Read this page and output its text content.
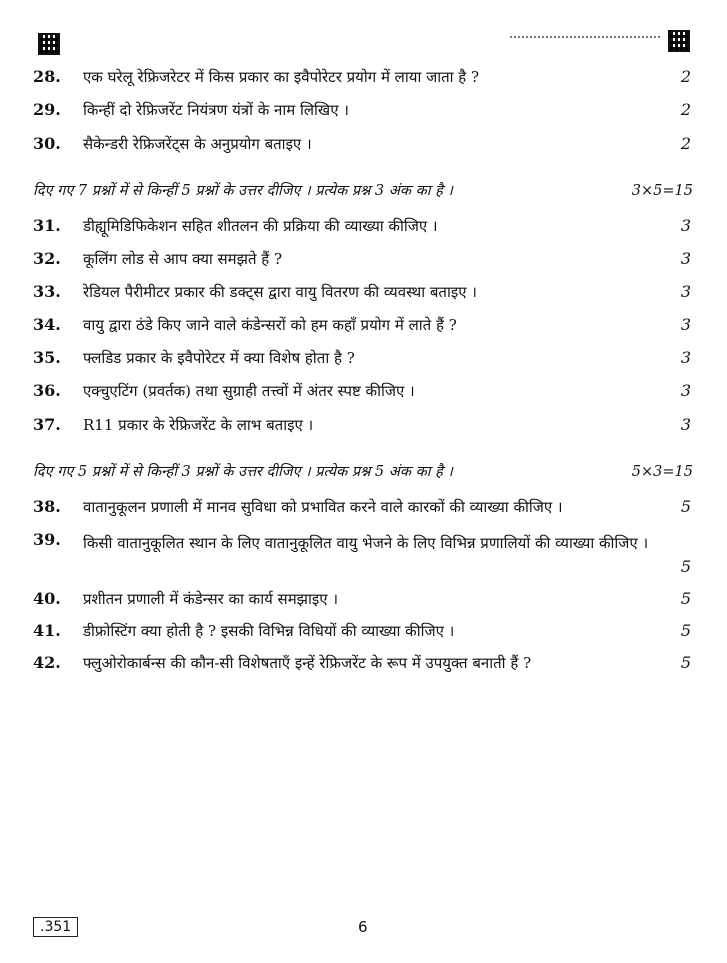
28. एक घरेलू रेफ्रिजरेटर में किस प्रकार का इवैपोरेटर प्रयोग में लाया जाता है ?	2
29. किन्हीं दो रेफ्रिजरेंट नियंत्रण यंत्रों के नाम लिखिए ।	2
30. सैकेन्डरी रेफ्रिजरेंट्स के अनुप्रयोग बताइए ।	2
दिए गए 7 प्रश्नों में से किन्हीं 5 प्रश्नों के उत्तर दीजिए । प्रत्येक प्रश्न 3 अंक का है ।	3×5=15
31. डीह्यूमिडिफिकेशन सहित शीतलन की प्रक्रिया की व्याख्या कीजिए ।	3
32. कूलिंग लोड से आप क्या समझते हैं ?	3
33. रेडियल पैरीमीटर प्रकार की डक्ट्स द्वारा वायु वितरण की व्यवस्था बताइए ।	3
34. वायु द्वारा ठंडे किए जाने वाले कंडेन्सरों को हम कहाँ प्रयोग में लाते हैं ?	3
35. फ्लडिड प्रकार के इवैपोरेटर में क्या विशेष होता है ?	3
36. एक्चुएटिंग (प्रवर्तक) तथा सुग्राही तत्त्वों में अंतर स्पष्ट कीजिए ।	3
37. R11 प्रकार के रेफ्रिजरेंट के लाभ बताइए ।	3
दिए गए 5 प्रश्नों में से किन्हीं 3 प्रश्नों के उत्तर दीजिए । प्रत्येक प्रश्न 5 अंक का है ।	5×3=15
38. वातानुकूलन प्रणाली में मानव सुविधा को प्रभावित करने वाले कारकों की व्याख्या कीजिए ।	5
39. किसी वातानुकूलित स्थान के लिए वातानुकूलित वायु भेजने के लिए विभिन्न प्रणालियों की व्याख्या कीजिए ।
5
40. प्रशीतन प्रणाली में कंडेन्सर का कार्य समझाइए ।	5
41. डीफ्रोस्टिंग क्या होती है ? इसकी विभिन्न विधियों की व्याख्या कीजिए ।	5
42. फ्लुओरोकार्बन्स की कौन-सी विशेषताएँ इन्हें रेफ्रिजरेंट के रूप में उपयुक्त बनाती हैं ?	5
.351	6
